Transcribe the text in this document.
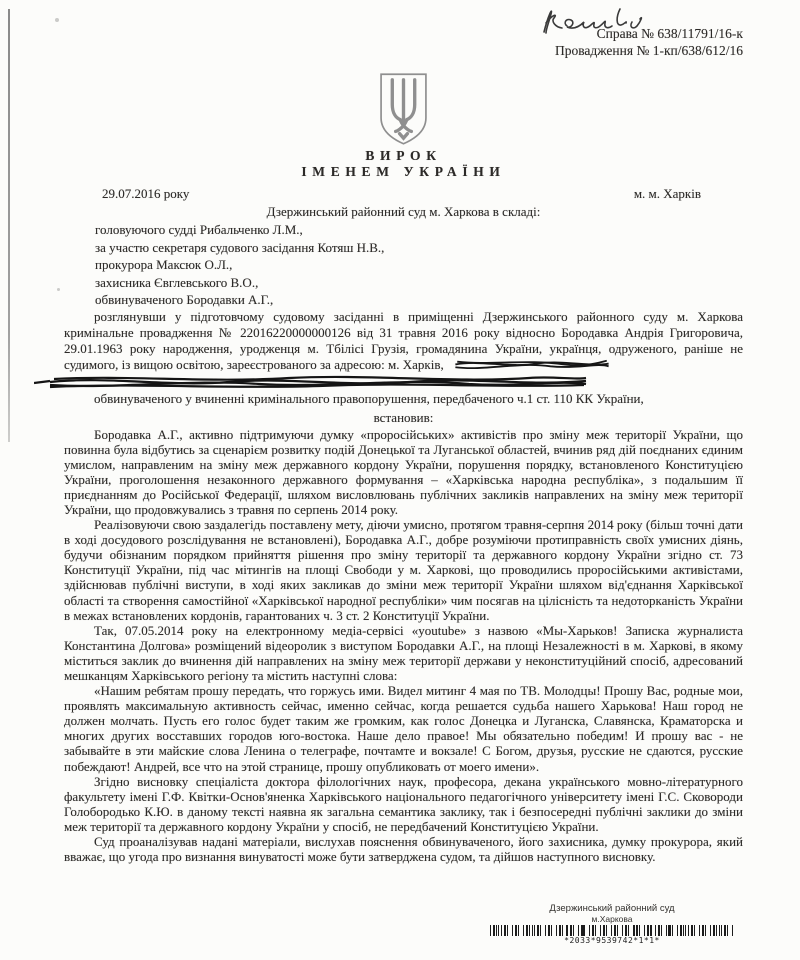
Справа № 638/11791/16-к
Провадження № 1-кп/638/612/16
ВИРОК
ІМЕНЕМ УКРАЇНИ
29.07.2016 року	м. м. Харків
Дзержинський районний суд м. Харкова в складі:
головуючого судді Рибальченко Л.М.,
за участю секретаря судового засідання Котяш Н.В.,
прокурора Максюк О.Л.,
захисника Євглевського В.О.,
обвинуваченого Бородавки А.Г.,

розглянувши у підготовчому судовому засіданні в приміщенні Дзержинського районного суду м. Харкова кримінальне провадження № 22016220000000126 від 31 травня 2016 року відносно Бородавка Андрія Григоровича, 29.01.1963 року народження, уродженця м. Тбілісі Грузія, громадянина України, українця, одруженого, раніше не судимого, із вищою освітою, зареєстрованого за адресою: м. Харків,

обвинуваченого у вчиненні кримінального правопорушення, передбаченого ч.1 ст. 110 КК України,

встановив:

Бородавка А.Г., активно підтримуючи думку «проросійських» активістів про зміну меж території України, що повинна була відбутись за сценарієм розвитку подій Донецької та Луганської областей, вчинив ряд дій поєднаних єдиним умислом, направленим на зміну меж державного кордону України, порушення порядку, встановленого Конституцією України, проголошення незаконного державного формування – «Харківська народна республіка», з подальшим її приєднанням до Російської Федерації, шляхом висловлювань публічних закликів направлених на зміну меж території України, що продовжувались з травня по серпень 2014 року.

Реалізовуючи свою заздалегідь поставлену мету, діючи умисно, протягом травня-серпня 2014 року (більш точні дати в ході досудового розслідування не встановлені), Бородавка А.Г., добре розуміючи протиправність своїх умисних діянь, будучи обізнаним порядком прийняття рішення про зміну території та державного кордону України згідно ст. 73 Конституції України, під час мітингів на площі Свободи у м. Харкові, що проводились проросійськими активістами, здійснював публічні виступи, в ході яких закликав до зміни меж території України шляхом від'єднання Харківської області та створення самостійної «Харківської народної республіки» чим посягав на цілісність та недоторканість України в межах встановлених кордонів, гарантованих ч. 3 ст. 2 Конституції України.

Так, 07.05.2014 року на електронному медіа-сервісі «youtube» з назвою «Мы-Харьков! Записка журналиста Константина Долгова» розміщений відеоролик з виступом Бородавки А.Г., на площі Незалежності в м. Харкові, в якому міститься заклик до вчинення дій направлених на зміну меж території держави у неконституційний спосіб, адресований мешканцям Харківського регіону та містить наступні слова:

«Нашим ребятам прошу передать, что горжусь ими. Видел митинг 4 мая по ТВ. Молодцы! Прошу Вас, родные мои, проявлять максимальную активность сейчас, именно сейчас, когда решается судьба нашего Харькова! Наш город не должен молчать. Пусть его голос будет таким же громким, как голос Донецка и Луганска, Славянска, Краматорска и многих других восставших городов юго-востока. Наше дело правое! Мы обязательно победим! И прошу вас - не забывайте в эти майские слова Ленина о телеграфе, почтамте и вокзале! С Богом, друзья, русские не сдаются, русские побеждают! Андрей, все что на этой странице, прошу опубликовать от моего имени».

Згідно висновку спеціаліста доктора філологічних наук, професора, декана українського мовно-літературного факультету імені Г.Ф. Квітки-Основ'яненка Харківського національного педагогічного університету імені Г.С. Сковороди Голобородько К.Ю. в даному тексті наявна як загальна семантика заклику, так і безпосередні публічні заклики до зміни меж території та державного кордону України у спосіб, не передбачений Конституцією України.

Суд проаналізував надані матеріали, вислухав пояснення обвинуваченого, його захисника, думку прокурора, який вважає, що угода про визнання винуватості може бути затверджена судом, та дійшов наступного висновку.

Дзержинський районний суд
м.Харкова
*2033*9539742*1*1*
